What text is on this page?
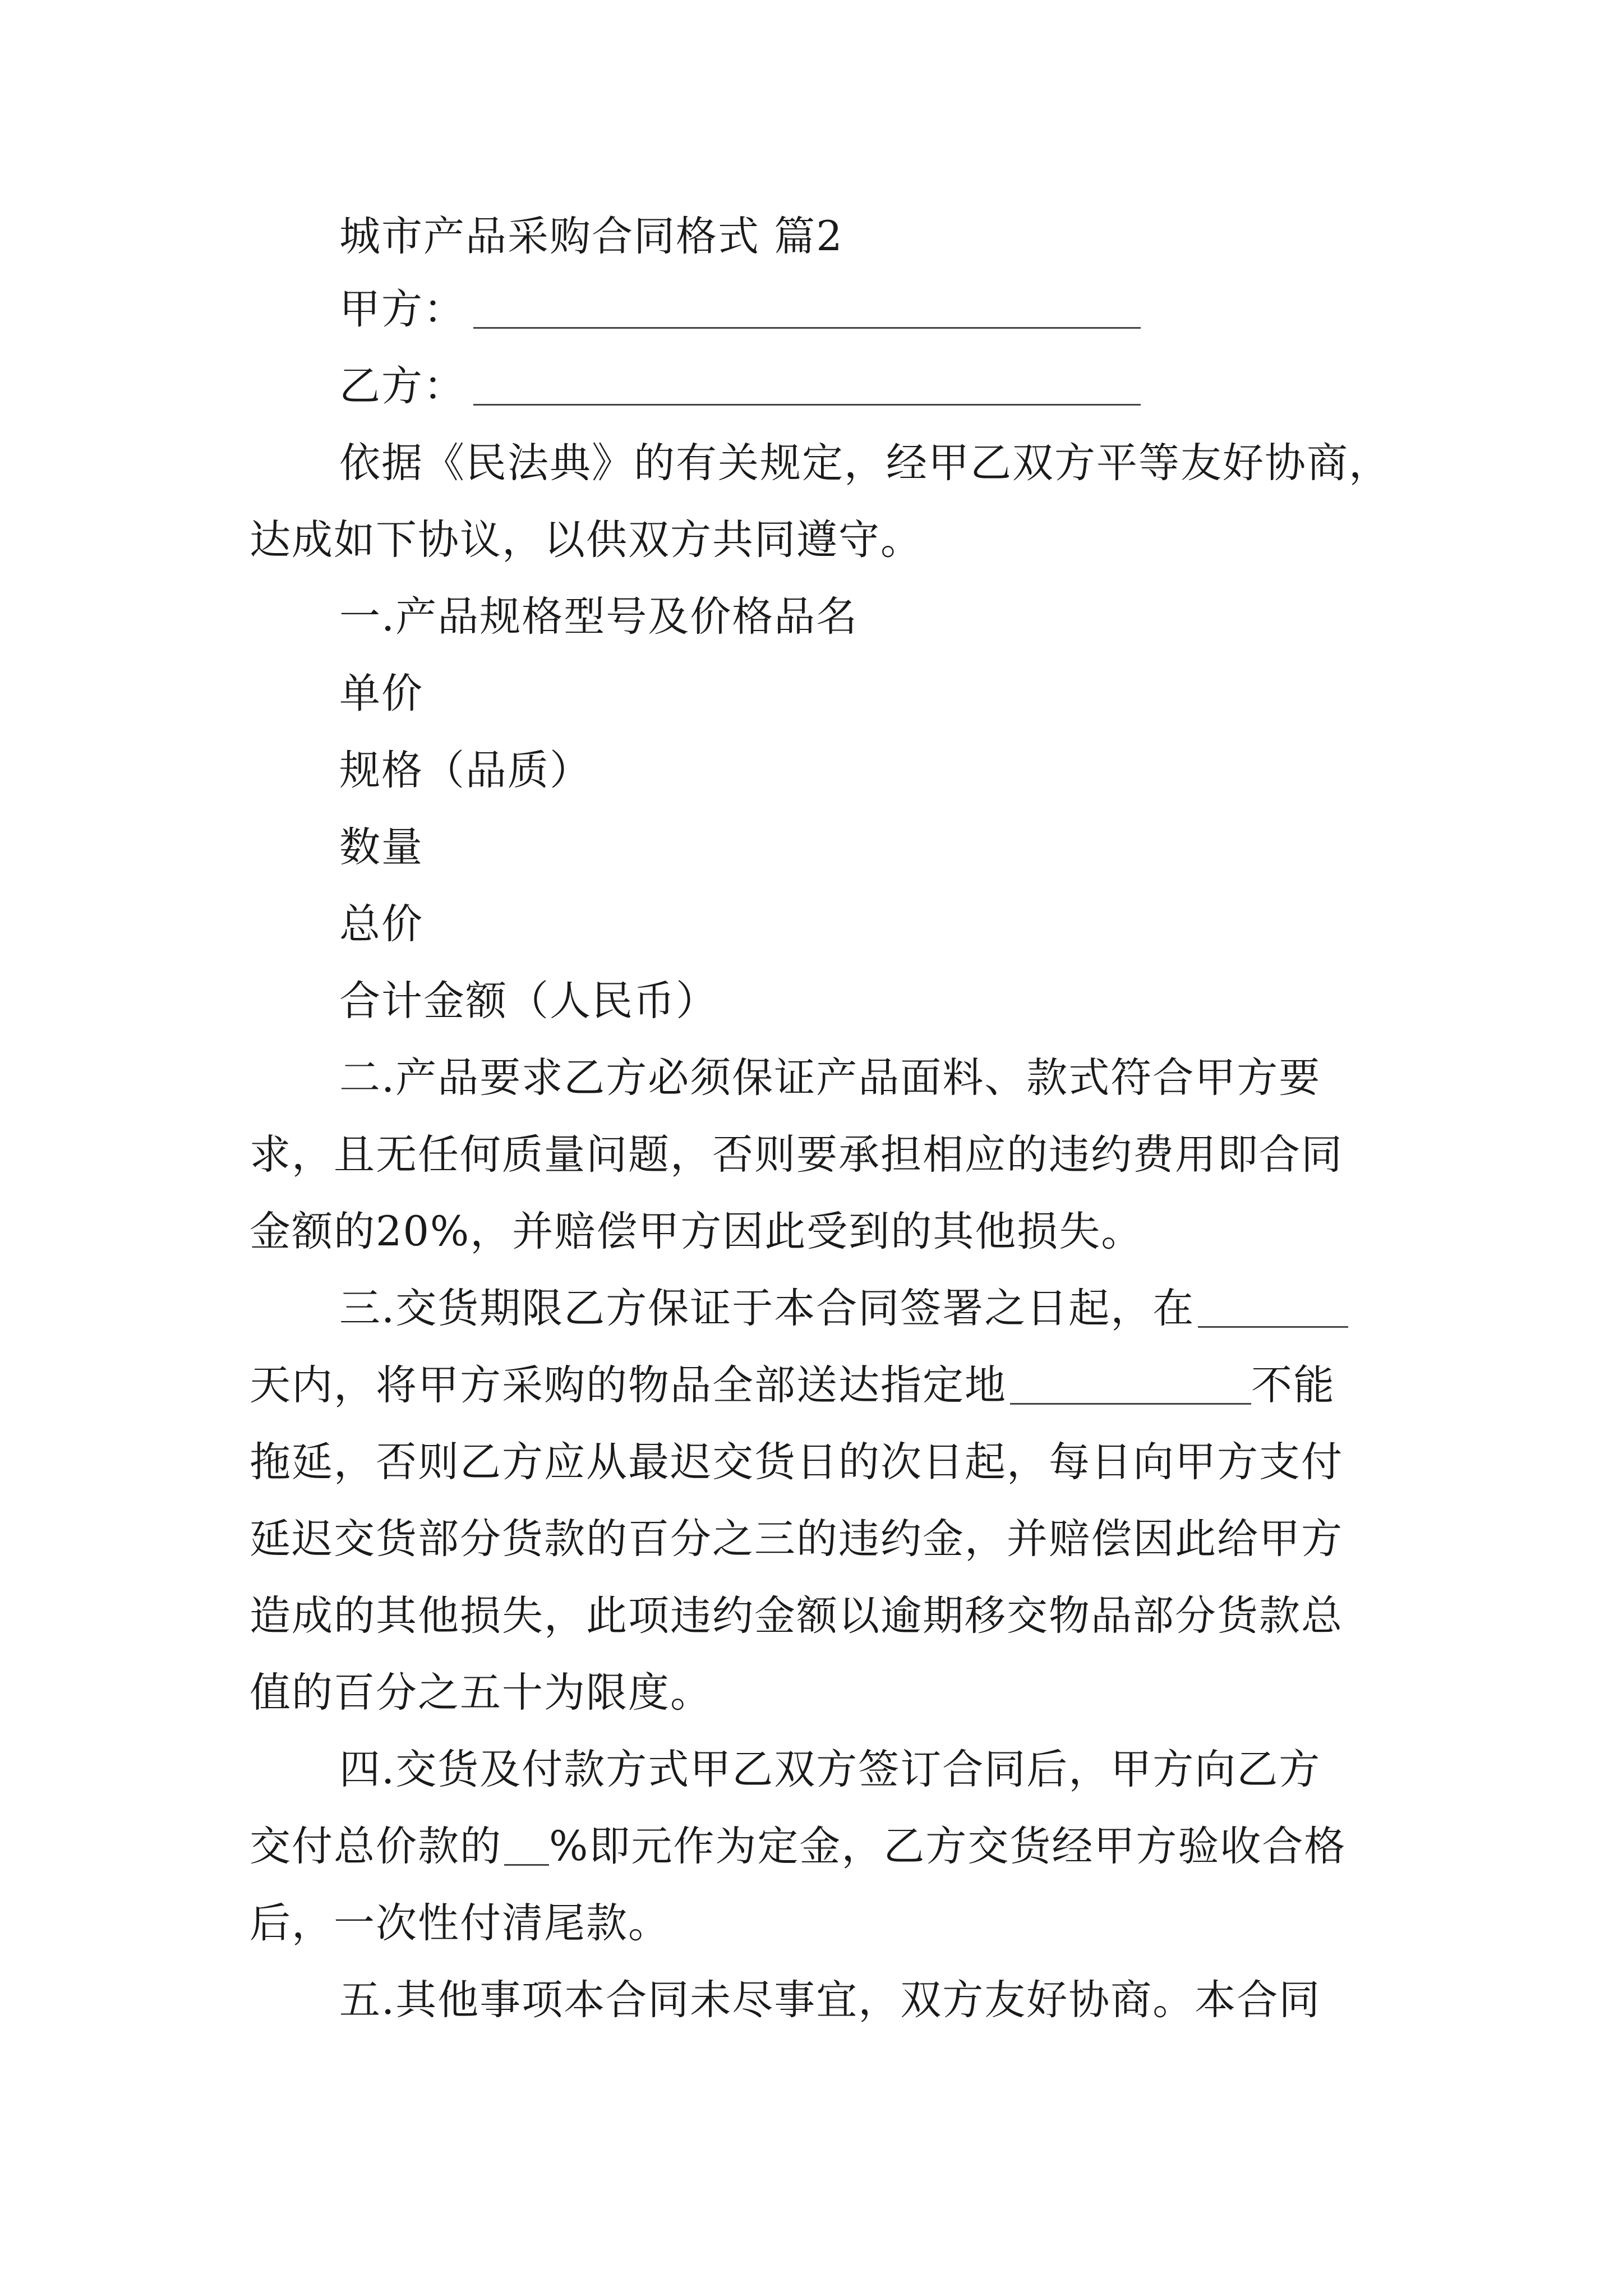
城市产品采购合同格式 篇2
甲方：
乙方：
依据《民法典》的有关规定，经甲乙双方平等友好协商，
达成如下协议，以供双方共同遵守。
一.产品规格型号及价格品名
单价
规格（品质）
数量
总价
合计金额（人民币）
二.产品要求乙方必须保证产品面料、款式符合甲方要
求，且无任何质量问题，否则要承担相应的违约费用即合同
金额的20%，并赔偿甲方因此受到的其他损失。
三.交货期限乙方保证于本合同签署之日起，在
天内，将甲方采购的物品全部送达指定地	不能
拖延，否则乙方应从最迟交货日的次日起，每日向甲方支付
延迟交货部分货款的百分之三的违约金，并赔偿因此给甲方
造成的其他损失，此项违约金额以逾期移交物品部分货款总
值的百分之五十为限度。
四.交货及付款方式甲乙双方签订合同后，甲方向乙方
交付总价款的 %即元作为定金，乙方交货经甲方验收合格
后，一次性付清尾款。
五.其他事项本合同未尽事宜，双方友好协商。本合同
